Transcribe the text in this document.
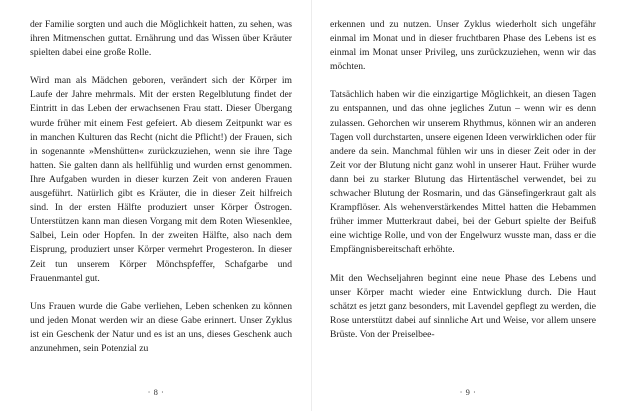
der Familie sorgten und auch die Möglichkeit hatten, zu sehen, was ihren Mitmenschen guttat. Ernährung und das Wissen über Kräuter spielten dabei eine große Rolle.

Wird man als Mädchen geboren, verändert sich der Körper im Laufe der Jahre mehrmals. Mit der ersten Regelblutung findet der Eintritt in das Leben der erwachsenen Frau statt. Dieser Übergang wurde früher mit einem Fest gefeiert. Ab diesem Zeitpunkt war es in manchen Kulturen das Recht (nicht die Pflicht!) der Frauen, sich in sogenannte »Menshütten« zurückzuziehen, wenn sie ihre Tage hatten. Sie galten dann als hellfühlig und wurden ernst genommen. Ihre Aufgaben wurden in dieser kurzen Zeit von anderen Frauen ausgeführt. Natürlich gibt es Kräuter, die in dieser Zeit hilfreich sind. In der ersten Hälfte produziert unser Körper Östrogen. Unterstützen kann man diesen Vorgang mit dem Roten Wiesenklee, Salbei, Lein oder Hopfen. In der zweiten Hälfte, also nach dem Eisprung, produziert unser Körper vermehrt Progesteron. In dieser Zeit tun unserem Körper Mönchspfeffer, Schafgarbe und Frauenmantel gut.

Uns Frauen wurde die Gabe verliehen, Leben schenken zu können und jeden Monat werden wir an diese Gabe erinnert. Unser Zyklus ist ein Geschenk der Natur und es ist an uns, dieses Geschenk auch anzunehmen, sein Potenzial zu

· 8 ·

erkennen und zu nutzen. Unser Zyklus wiederholt sich ungefähr einmal im Monat und in dieser fruchtbaren Phase des Lebens ist es einmal im Monat unser Privileg, uns zurückzuziehen, wenn wir das möchten.

Tatsächlich haben wir die einzigartige Möglichkeit, an diesen Tagen zu entspannen, und das ohne jegliches Zutun – wenn wir es denn zulassen. Gehorchen wir unserem Rhythmus, können wir an anderen Tagen voll durchstarten, unsere eigenen Ideen verwirklichen oder für andere da sein. Manchmal fühlen wir uns in dieser Zeit oder in der Zeit vor der Blutung nicht ganz wohl in unserer Haut. Früher wurde dann bei zu starker Blutung das Hirtentäschel verwendet, bei zu schwacher Blutung der Rosmarin, und das Gänsefingerkraut galt als Krampflöser. Als wehenverstärkendes Mittel hatten die Hebammen früher immer Mutterkraut dabei, bei der Geburt spielte der Beifuß eine wichtige Rolle, und von der Engelwurz wusste man, dass er die Empfängnisbereitschaft erhöhte.

Mit den Wechseljahren beginnt eine neue Phase des Lebens und unser Körper macht wieder eine Entwicklung durch. Die Haut schätzt es jetzt ganz besonders, mit Lavendel gepflegt zu werden, die Rose unterstützt dabei auf sinnliche Art und Weise, vor allem unsere Brüste. Von der Preiselbee-

· 9 ·
